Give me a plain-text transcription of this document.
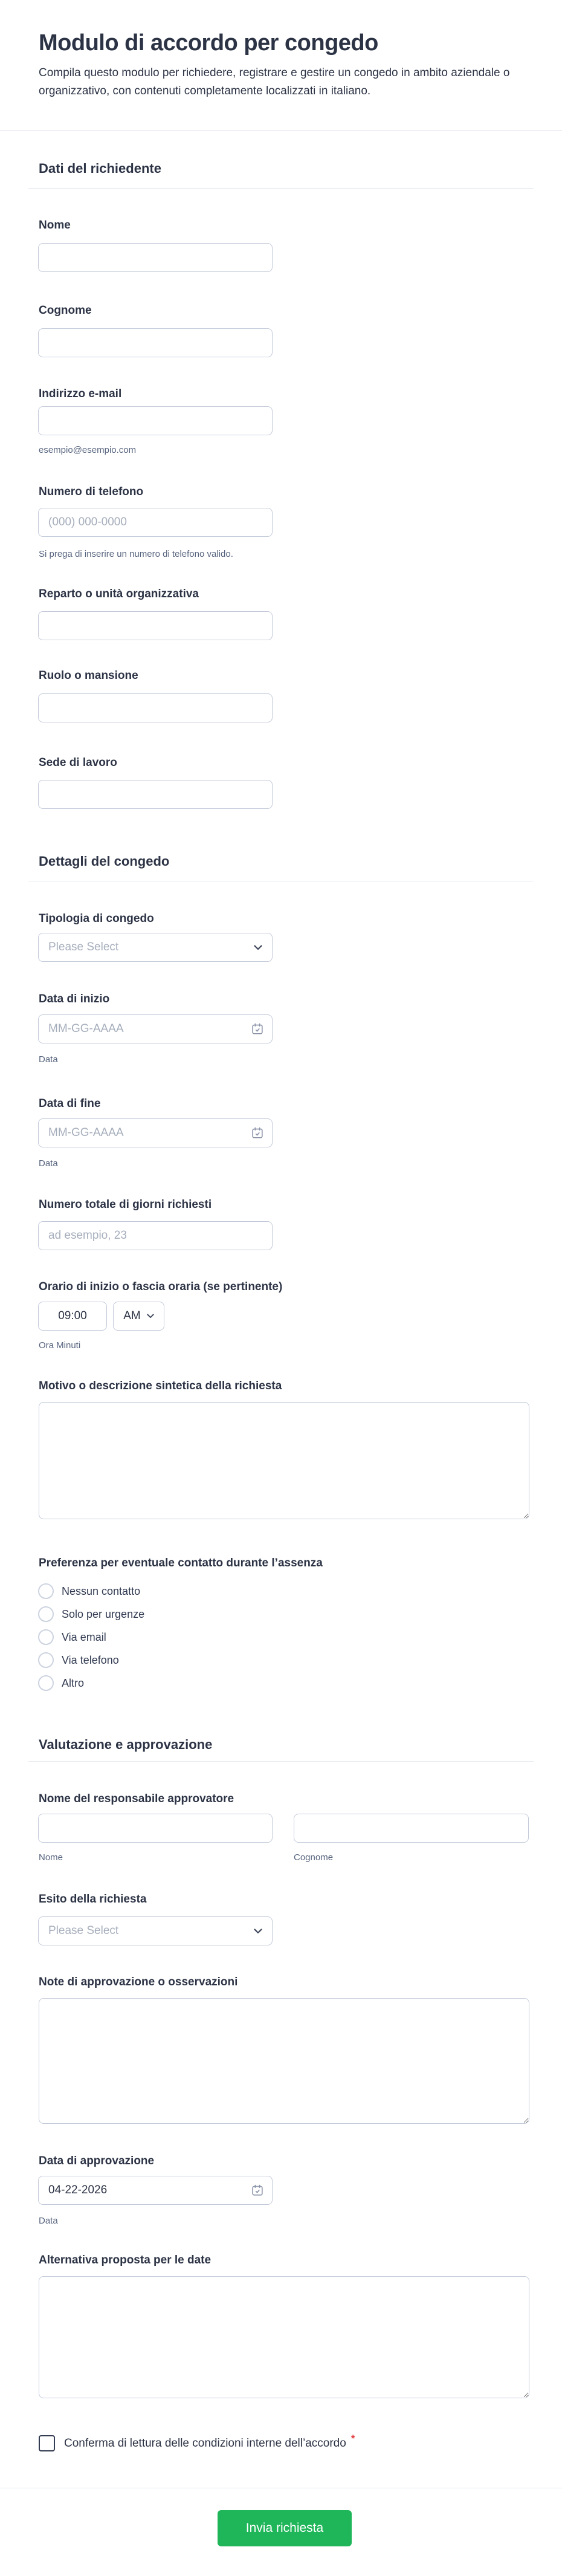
Modulo di accordo per congedo

Compila questo modulo per richiedere, registrare e gestire un congedo in ambito aziendale o organizzativo, con contenuti completamente localizzati in italiano.

Dati del richiedente
Nome
Cognome
Indirizzo e-mail
esempio@esempio.com
Numero di telefono
(000) 000-0000
Si prega di inserire un numero di telefono valido.
Reparto o unità organizzativa
Ruolo o mansione
Sede di lavoro
Dettagli del congedo
Tipologia di congedo
Please Select
Data di inizio
MM-GG-AAAA
Data
Data di fine
MM-GG-AAAA
Data
Numero totale di giorni richiesti
ad esempio, 23
Orario di inizio o fascia oraria (se pertinente)
09:00
AM
Ora Minuti
Motivo o descrizione sintetica della richiesta
Preferenza per eventuale contatto durante l’assenza
Nessun contatto
Solo per urgenze
Via email
Via telefono
Altro
Valutazione e approvazione
Nome del responsabile approvatore
Nome	Cognome
Esito della richiesta
Please Select
Note di approvazione o osservazioni
Data di approvazione
04-22-2026
Data
Alternativa proposta per le date
Conferma di lettura delle condizioni interne dell’accordo *
Invia richiesta
